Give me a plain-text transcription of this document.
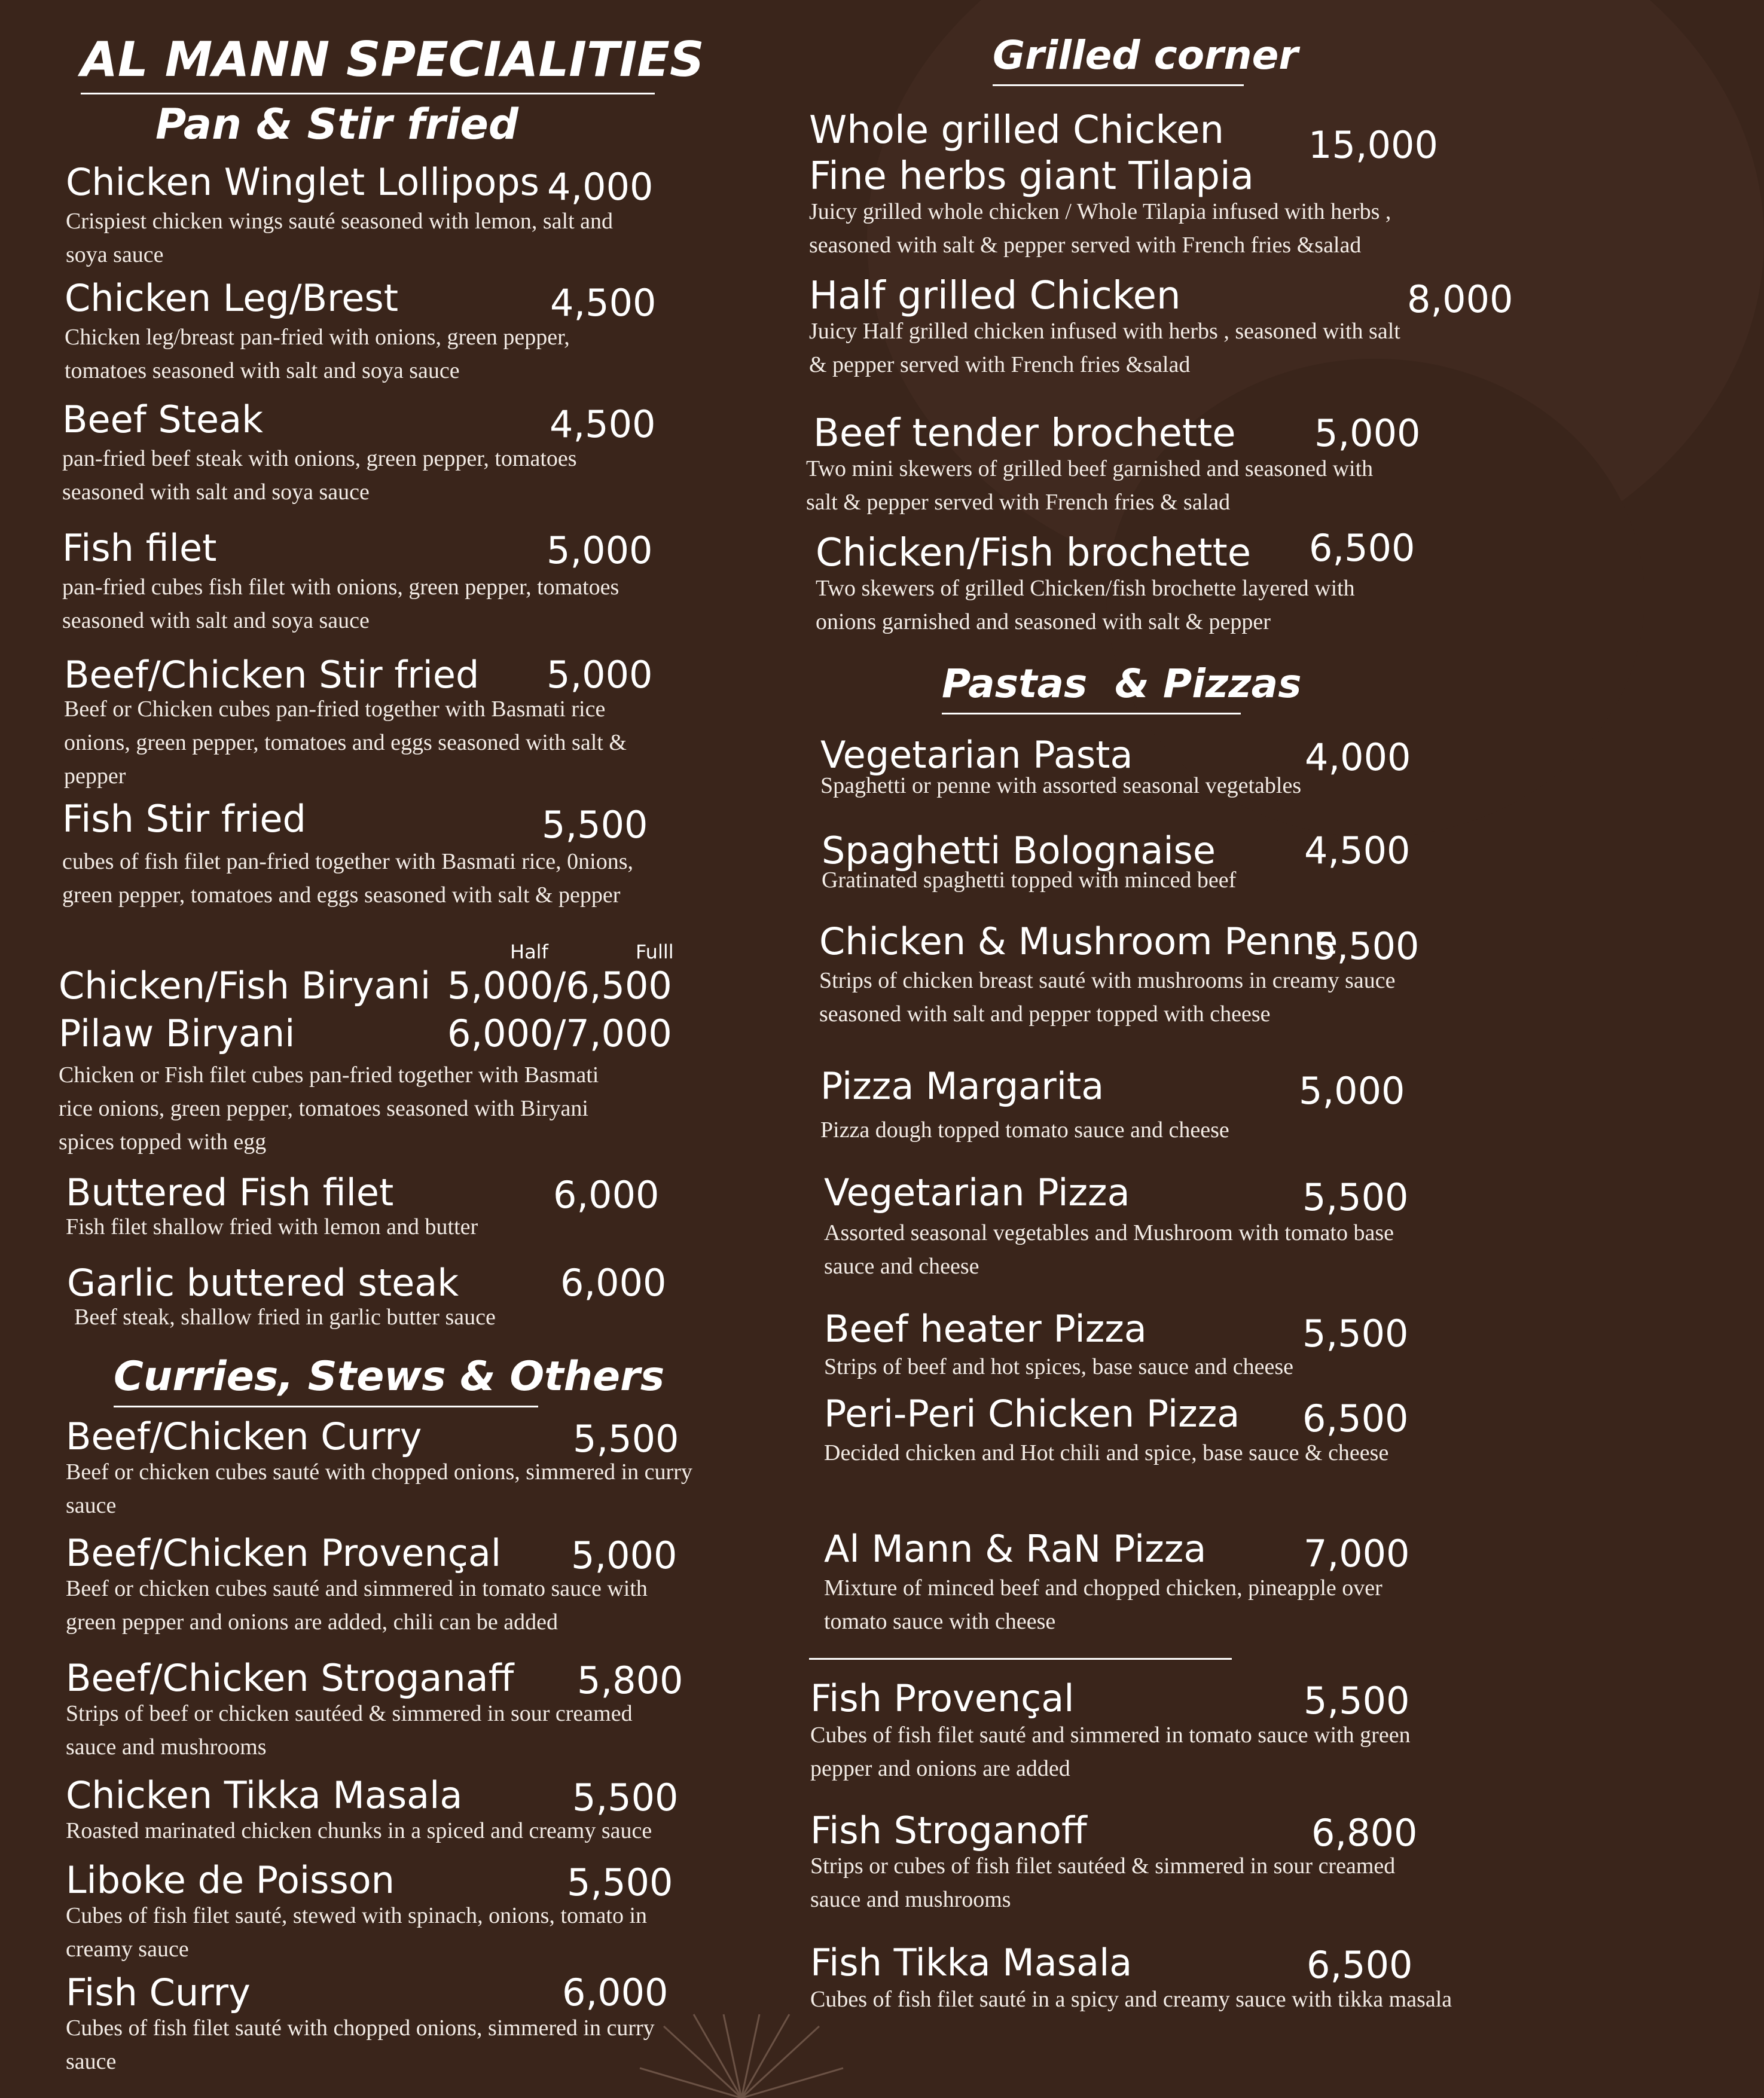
AL MANN SPECIALITIES
Pan & Stir fried
Chicken Winglet Lollipops 4,000
Crispiest chicken wings sauté seasoned with lemon, salt and soya sauce
Chicken Leg/Brest	4,500
Chicken leg/breast pan-fried with onions, green pepper, tomatoes seasoned with salt and soya sauce
Beef Steak	4,500
pan-fried beef steak with onions, green pepper, tomatoes seasoned with salt and soya sauce
Fish filet	5,000
pan-fried cubes fish filet with onions, green pepper, tomatoes seasoned with salt and soya sauce
Beef/Chicken Stir fried	5,000
Beef or Chicken cubes pan-fried together with Basmati rice onions, green pepper, tomatoes and eggs seasoned with salt & pepper
Fish Stir fried	5,500
cubes of fish filet pan-fried together with Basmati rice, 0nions, green pepper, tomatoes and eggs seasoned with salt & pepper
Half	Fulll
Chicken/Fish Biryani 5,000/6,500
Pilaw Biryani	6,000/7,000
Chicken or Fish filet cubes pan-fried together with Basmati rice onions, green pepper, tomatoes seasoned with Biryani spices topped with egg
Buttered Fish filet	6,000
Fish filet shallow fried with lemon and butter
Garlic buttered steak	6,000
Beef steak, shallow fried in garlic butter sauce
Curries, Stews & Others
Beef/Chicken Curry	5,500
Beef or chicken cubes sauté with chopped onions, simmered in curry sauce
Beef/Chicken Provençal	5,000
Beef or chicken cubes sauté and simmered in tomato sauce with green pepper and onions are added, chili can be added
Beef/Chicken Stroganaff	5,800
Strips of beef or chicken sautéed & simmered in sour creamed sauce and mushrooms
Chicken Tikka Masala	5,500
Roasted marinated chicken chunks in a spiced and creamy sauce
Liboke de Poisson	5,500
Cubes of fish filet sauté, stewed with spinach, onions, tomato in creamy sauce
Fish Curry	6,000
Cubes of fish filet sauté with chopped onions, simmered in curry sauce
Grilled corner
Whole grilled Chicken
Fine herbs giant Tilapia
15,000
Juicy grilled whole chicken / Whole Tilapia infused with herbs , seasoned with salt & pepper served with French fries &salad
Half grilled Chicken	8,000
Juicy Half grilled chicken infused with herbs , seasoned with salt & pepper served with French fries &salad
Beef tender brochette	5,000
Two mini skewers of grilled beef garnished and seasoned with salt & pepper served with French fries & salad
Chicken/Fish brochette	6,500
Two skewers of grilled Chicken/fish brochette layered with onions garnished and seasoned with salt & pepper
Pastas  & Pizzas
Vegetarian Pasta	4,000
Spaghetti or penne with assorted seasonal vegetables
Spaghetti Bolognaise	4,500
Gratinated spaghetti topped with minced beef
Chicken & Mushroom Penne
5,500
Strips of chicken breast sauté with mushrooms in creamy sauce seasoned with salt and pepper topped with cheese
Pizza Margarita	5,000
Pizza dough topped tomato sauce and cheese
Vegetarian Pizza	5,500
Assorted seasonal vegetables and Mushroom with tomato base sauce and cheese
Beef heater Pizza	5,500
Strips of beef and hot spices, base sauce and cheese
Peri-Peri Chicken Pizza	6,500
Decided chicken and Hot chili and spice, base sauce & cheese
Al Mann & RaN Pizza	7,000
Mixture of minced beef and chopped chicken, pineapple over tomato sauce with cheese
Fish Provençal	5,500
Cubes of fish filet sauté and simmered in tomato sauce with green pepper and onions are added
Fish Stroganoff	6,800
Strips or cubes of fish filet sautéed & simmered in sour creamed sauce and mushrooms
Fish Tikka Masala	6,500
Cubes of fish filet sauté in a spicy and creamy sauce with tikka masala
